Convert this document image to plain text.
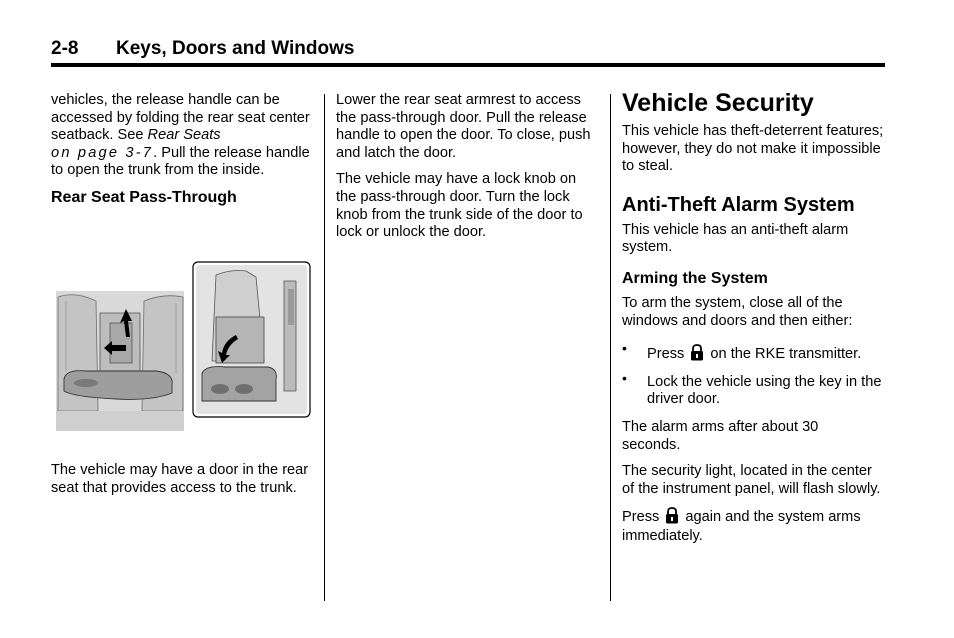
2-8 Keys, Doors and Windows

vehicles, the release handle can be accessed by folding the rear seat center seatback. See Rear Seats
on page 3-7. Pull the release handle to open the trunk from the inside.

Rear Seat Pass-Through

The vehicle may have a door in the rear seat that provides access to the trunk.

Lower the rear seat armrest to access the pass-through door. Pull the release handle to open the door. To close, push and latch the door.

The vehicle may have a lock knob on the pass-through door. Turn the lock knob from the trunk side of the door to lock or unlock the door.

Vehicle Security

This vehicle has theft-deterrent features; however, they do not make it impossible to steal.

Anti-Theft Alarm System

This vehicle has an anti-theft alarm system.

Arming the System

To arm the system, close all of the windows and doors and then either:

• Press  on the RKE transmitter.
• Lock the vehicle using the key in the driver door.

The alarm arms after about 30 seconds.

The security light, located in the center of the instrument panel, will flash slowly.

Press  again and the system arms immediately.
